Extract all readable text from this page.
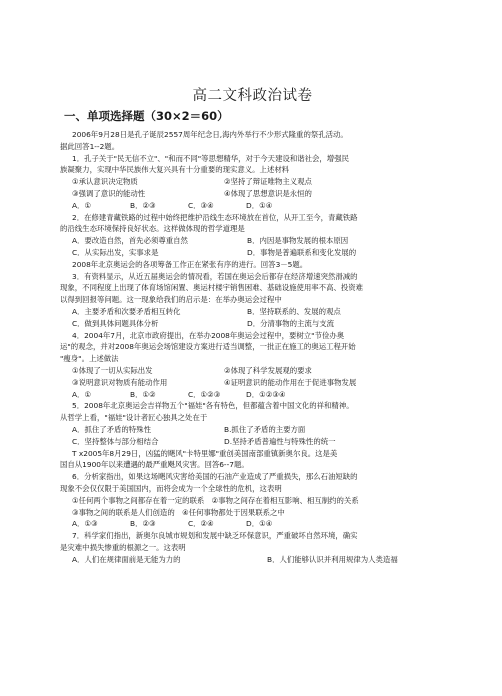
高二文科政治试卷
一、单项选择题（30×2＝60）
2006年9月28日是孔子诞辰2557周年纪念日,海内外举行不少形式隆重的祭孔活动。
据此回答1--2题。
1．孔子关于"民无信不立"、"和而不同"等思想精华，对于今天建设和谐社会，增强民
族凝聚力，实现中华民族伟大复兴具有十分重要的现实意义。上述材料
①承认意识决定物质	②坚持了辩证唯物主义观点
③强调了意识的能动性	④体现了思想意识是永恒的
A．①	B．②③	C．③④	D．①④
2．在修建青藏铁路的过程中始终把维护沿线生态环境放在首位，从开工至今，青藏铁路
的沿线生态环境保持良好状态。这样做体现的哲学道理是
A．要改造自然，首先必须尊重自然	B．内因是事物发展的根本原因
C．从实际出发，实事求是	D．事物是普遍联系和变化发展的
2008年北京奥运会的各项筹备工作正在紧张有序的进行。回答3－5题。
3．有资料显示，从近五届奥运会的情况看，若国在奥运会后都存在经济增速突然滑减的
现象，不同程度上出现了体育场馆闲置、奥运村楼宇销售困难、基础设施使用率不高、投资难
以得到回报等问题。这一现象给我们的启示是：在举办奥运会过程中
A．主要矛盾和次要矛盾相互转化	B．坚持联系的、发展的观点
C．做到具体问题具体分析	D．分清事物的主流与支流
4．2004年7月，北京市政府提出，在举办2008年奥运会过程中，要树立"节俭办奥
运"的观念，并对2008年奥运会场馆建设方案进行适当调整，一批正在施工的奥运工程开始
"瘦身"。上述做法
①体现了一切从实际出发	②体现了科学发展观的要求
③说明意识对物质有能动作用	④证明意识的能动作用在于促进事物发展
A．①	B．①②	C．①②③	D．①②③④
5．2008年北京奥运会吉祥物五个"福娃"各有特色，但都蕴含着中国文化的祥和精神。
从哲学上看，"福娃"设计者匠心独具之处在于
A．抓住了矛盾的特殊性	B.抓住了矛盾的主要方面
C．坚持整体与部分相结合	D.坚持矛盾普遍性与特殊性的统一
T x2005年8月29日，凶猛的飓风"卡特里娜"重创美国南部重镇新奥尔良。这是美
国自从1900年以来遭遇的最严重飓风灾害。回答6--7题。
6．分析家指出，如果这场飓风灾害给美国的石油产业造成了严重损失，那么石油短缺的
现象不会仅仅限于美国国内，而将会成为一个全球性的危机，这表明
①任何两个事物之间都存在着一定的联系　②事物之间存在着相互影响、相互制约的关系
③事物之间的联系是人们创造的　④任何事物都处于因果联系之中
A．①③	B．②③	C．②④	D．①④
7．科学家们指出，新奥尔良城市规划和发展中缺乏环保意识，严重破坏自然环境，确实
是灾难中损失惨重的根源之一。这表明
A．人们在规律面前是无能为力的	B．人们能够认识并利用规律为人类造福
